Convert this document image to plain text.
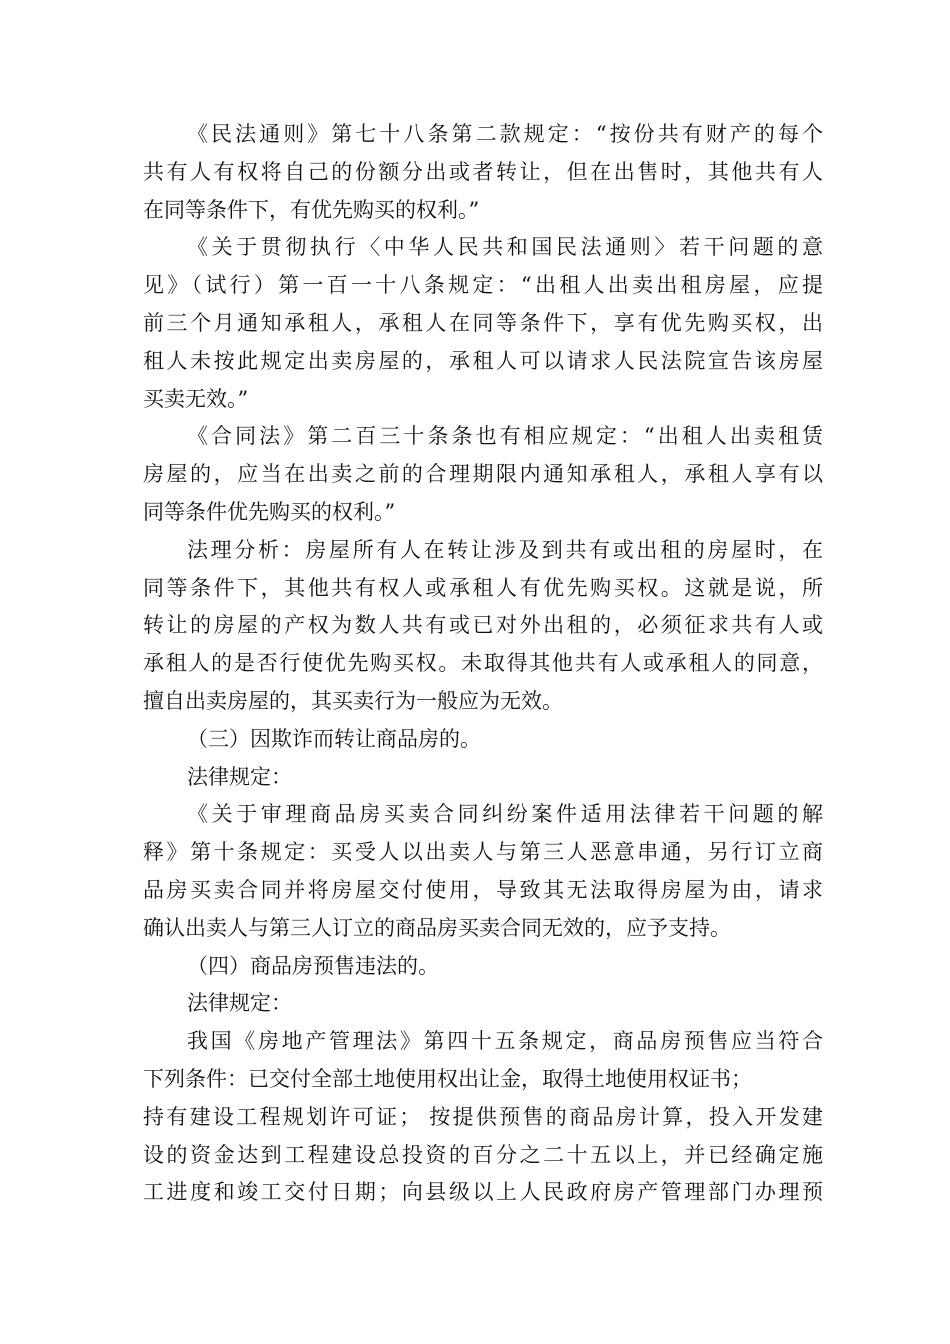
《民法通则》第七十八条第二款规定：“按份共有财产的每个
共有人有权将自己的份额分出或者转让，但在出售时，其他共有人
在同等条件下，有优先购买的权利。”
《关于贯彻执行〈中华人民共和国民法通则〉若干问题的意
见》（试行）第一百一十八条规定：“出租人出卖出租房屋，应提
前三个月通知承租人，承租人在同等条件下，享有优先购买权，出
租人未按此规定出卖房屋的，承租人可以请求人民法院宣告该房屋
买卖无效。”
《合同法》第二百三十条条也有相应规定：“出租人出卖租赁
房屋的，应当在出卖之前的合理期限内通知承租人，承租人享有以
同等条件优先购买的权利。”
法理分析：房屋所有人在转让涉及到共有或出租的房屋时，在
同等条件下，其他共有权人或承租人有优先购买权。这就是说，所
转让的房屋的产权为数人共有或已对外出租的，必须征求共有人或
承租人的是否行使优先购买权。未取得其他共有人或承租人的同意，
擅自出卖房屋的，其买卖行为一般应为无效。
（三）因欺诈而转让商品房的。
法律规定：
《关于审理商品房买卖合同纠纷案件适用法律若干问题的解
释》第十条规定：买受人以出卖人与第三人恶意串通，另行订立商
品房买卖合同并将房屋交付使用，导致其无法取得房屋为由，请求
确认出卖人与第三人订立的商品房买卖合同无效的，应予支持。
（四）商品房预售违法的。
法律规定：
我国《房地产管理法》第四十五条规定，商品房预售应当符合
下列条件：已交付全部土地使用权出让金，取得土地使用权证书；
持有建设工程规划许可证； 按提供预售的商品房计算，投入开发建
设的资金达到工程建设总投资的百分之二十五以上，并已经确定施
工进度和竣工交付日期；向县级以上人民政府房产管理部门办理预
